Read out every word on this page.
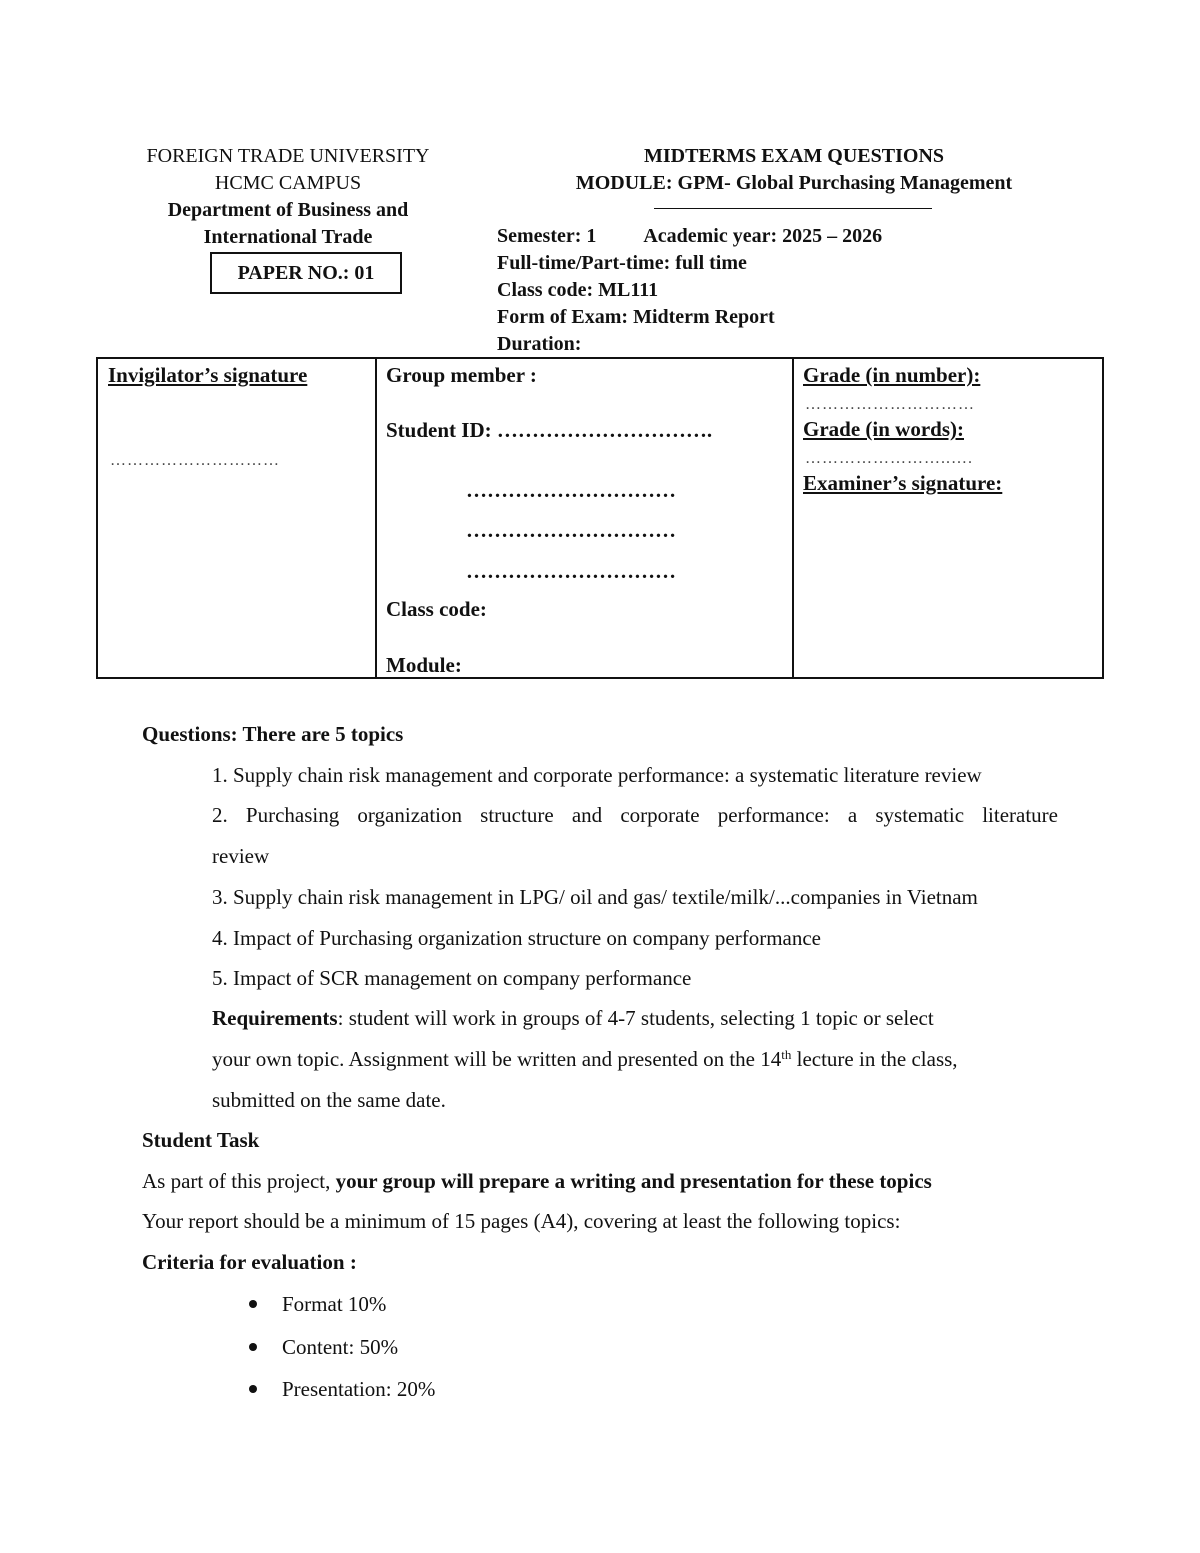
FOREIGN TRADE UNIVERSITY
HCMC CAMPUS
Department of Business and
International Trade
PAPER NO.: 01
MIDTERMS EXAM QUESTIONS
MODULE: GPM- Global Purchasing Management
Semester: 1 Academic year: 2025 – 2026
Full-time/Part-time: full time
Class code: ML111
Form of Exam: Midterm Report
Duration:
Invigilator’s signature
…………………………
Group member :
Student ID: ………………………….
…………………………
…………………………
…………………………
Class code:
Module:
Grade (in number):
…………………………
Grade (in words):
……………………..….
Examiner’s signature:
Questions: There are 5 topics
1. Supply chain risk management and corporate performance: a systematic literature review
2. Purchasing organization structure and corporate performance: a systematic literature
review
3. Supply chain risk management in LPG/ oil and gas/ textile/milk/...companies in Vietnam
4. Impact of Purchasing organization structure on company performance
5. Impact of SCR management on company performance
Requirements: student will work in groups of 4-7 students, selecting 1 topic or select
your own topic. Assignment will be written and presented on the 14th lecture in the class,
submitted on the same date.
Student Task
As part of this project, your group will prepare a writing and presentation for these topics
Your report should be a minimum of 15 pages (A4), covering at least the following topics:
Criteria for evaluation :
Format 10%
Content: 50%
Presentation: 20%
